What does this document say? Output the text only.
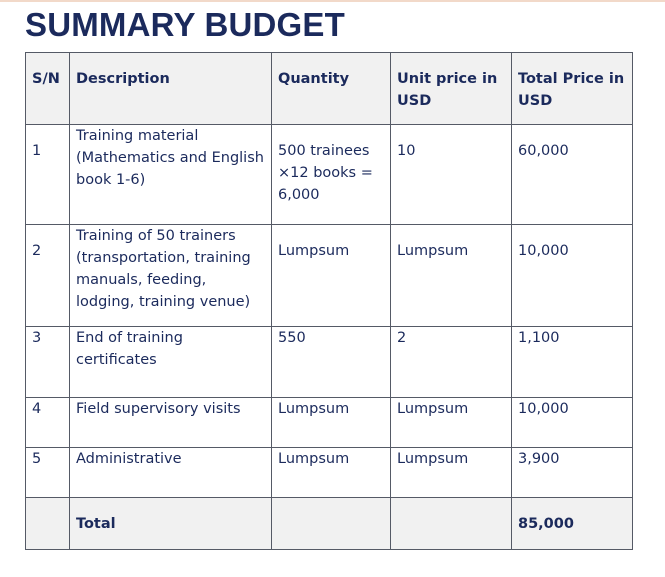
SUMMARY BUDGET
S/N	Description	Quantity	Unit price in USD	Total Price in USD
1	Training material (Mathematics and English book 1-6)	500 trainees ×12 books = 6,000	10	60,000
2	Training of 50 trainers (transportation, training manuals, feeding, lodging, training venue)	Lumpsum	Lumpsum	10,000
3	End of training certificates	550	2	1,100
4	Field supervisory visits	Lumpsum	Lumpsum	10,000
5	Administrative	Lumpsum	Lumpsum	3,900
	Total			85,000
